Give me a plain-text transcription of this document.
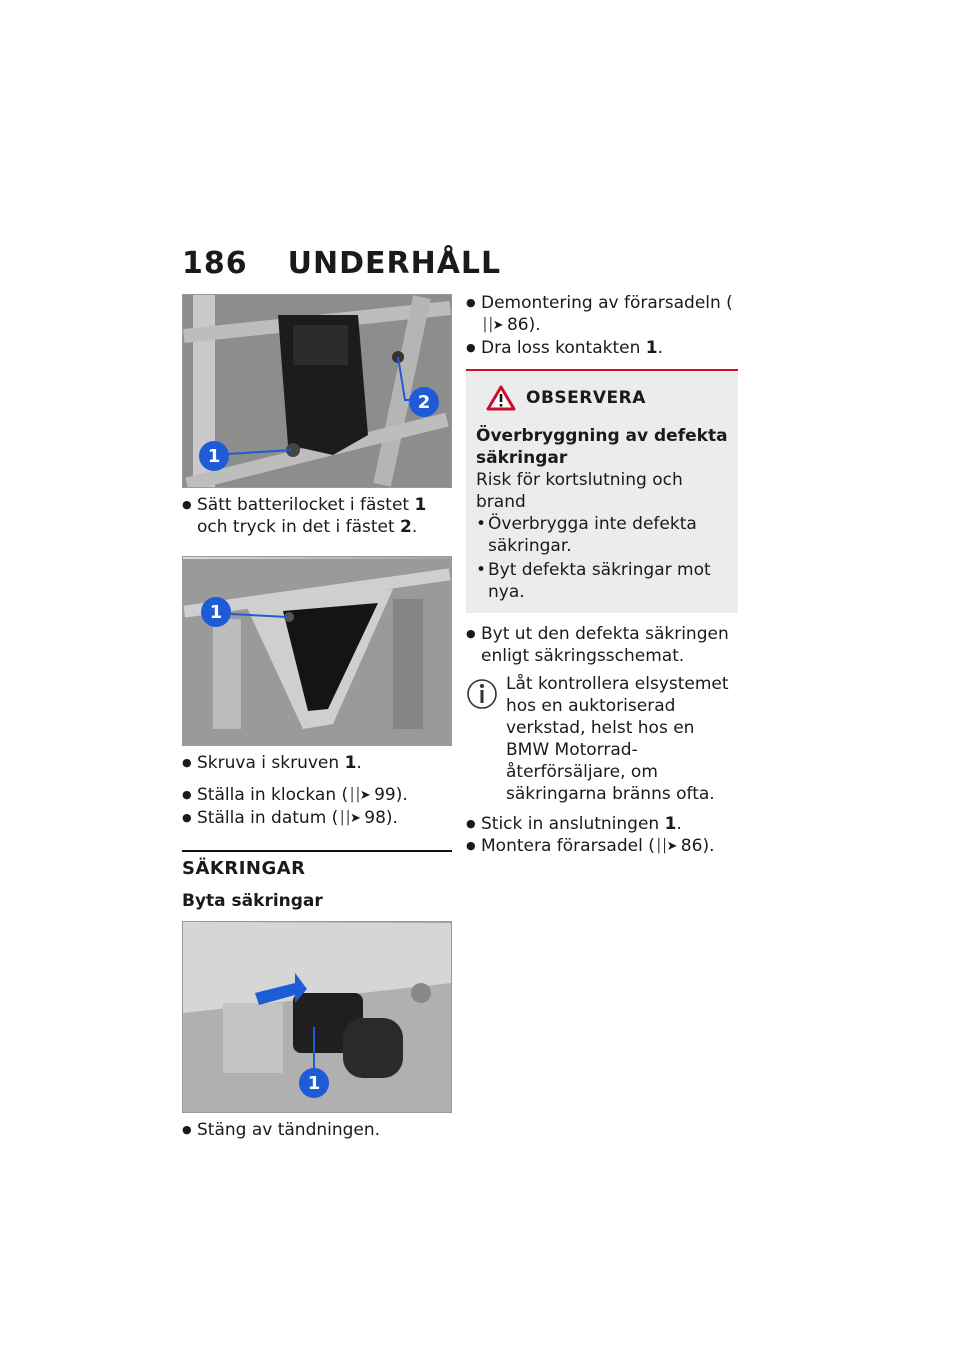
186 UNDERHÅLL
1
2
● Sätt batterilocket i fästet 1 och tryck in det i fästet 2.
1
● Skruva i skruven 1.
● Ställa in klockan (││➤ 99).
● Ställa in datum (││➤ 98).
SÄKRINGAR
Byta säkringar
1
● Stäng av tändningen.
● Demontering av förarsadeln (││➤ 86).
● Dra loss kontakten 1.
OBSERVERA
Överbryggning av defekta säkringar
Risk för kortslutning och brand
• Överbrygga inte defekta säkringar.
• Byt defekta säkringar mot nya.
● Byt ut den defekta säkringen enligt säkringsschemat.
Låt kontrollera elsystemet hos en auktoriserad verkstad, helst hos en BMW Motorrad-återförsäljare, om säkringarna bränns ofta.
● Stick in anslutningen 1.
● Montera förarsadel (││➤ 86).
